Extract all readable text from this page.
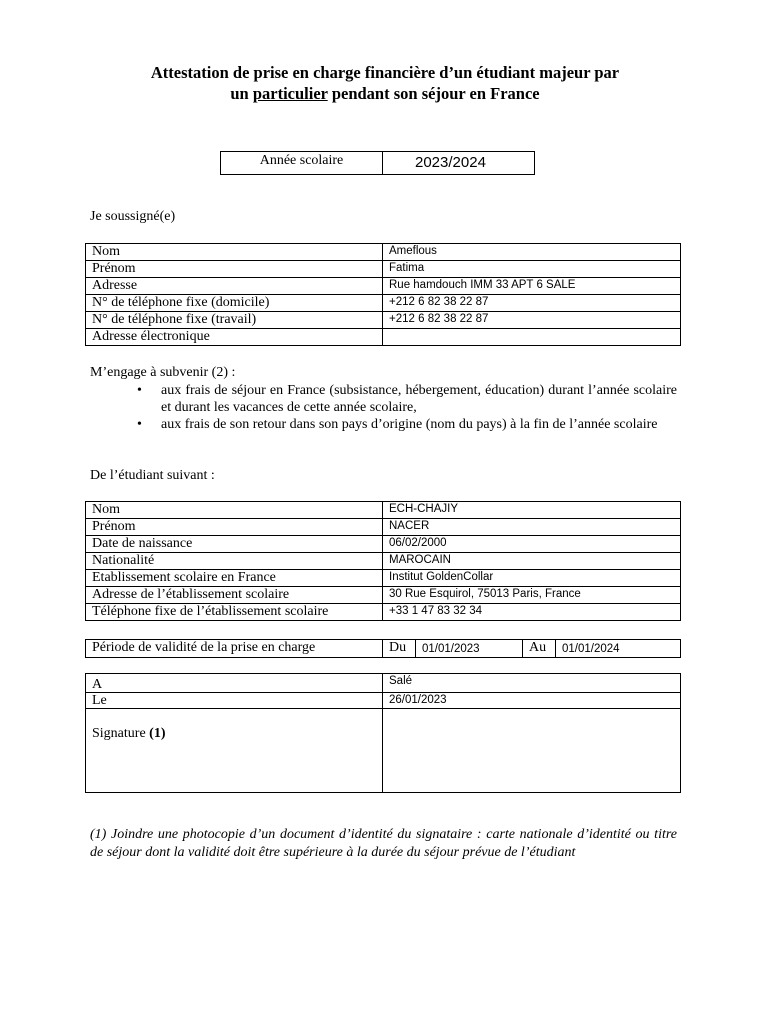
Attestation de prise en charge financière d’un étudiant majeur par
un particulier pendant son séjour en France
Année scolaire	2023/2024
Je soussigné(e)
Nom	Ameflous
Prénom	Fatima
Adresse	Rue hamdouch IMM 33 APT 6 SALE
N° de téléphone fixe (domicile)	+212 6 82 38 22 87
N° de téléphone fixe (travail)	+212 6 82 38 22 87
Adresse électronique	
M’engage à subvenir (2) :
• aux frais de séjour en France (subsistance, hébergement, éducation) durant l’année scolaire et durant les vacances de cette année scolaire,
• aux frais de son retour dans son pays d’origine (nom du pays) à la fin de l’année scolaire
De l’étudiant suivant :
Nom	ECH-CHAJIY
Prénom	NACER
Date de naissance	06/02/2000
Nationalité	MAROCAIN
Etablissement scolaire en France	Institut GoldenCollar
Adresse de l’établissement scolaire	30 Rue Esquirol, 75013 Paris, France
Téléphone fixe de l’établissement scolaire	+33 1 47 83 32 34
Période de validité de la prise en charge	Du	01/01/2023	Au	01/01/2024
A	Salé
Le	26/01/2023
Signature (1)	
(1) Joindre une photocopie d’un document d’identité du signataire : carte nationale d’identité ou titre de séjour dont la validité doit être supérieure à la durée du séjour prévue de l’étudiant
